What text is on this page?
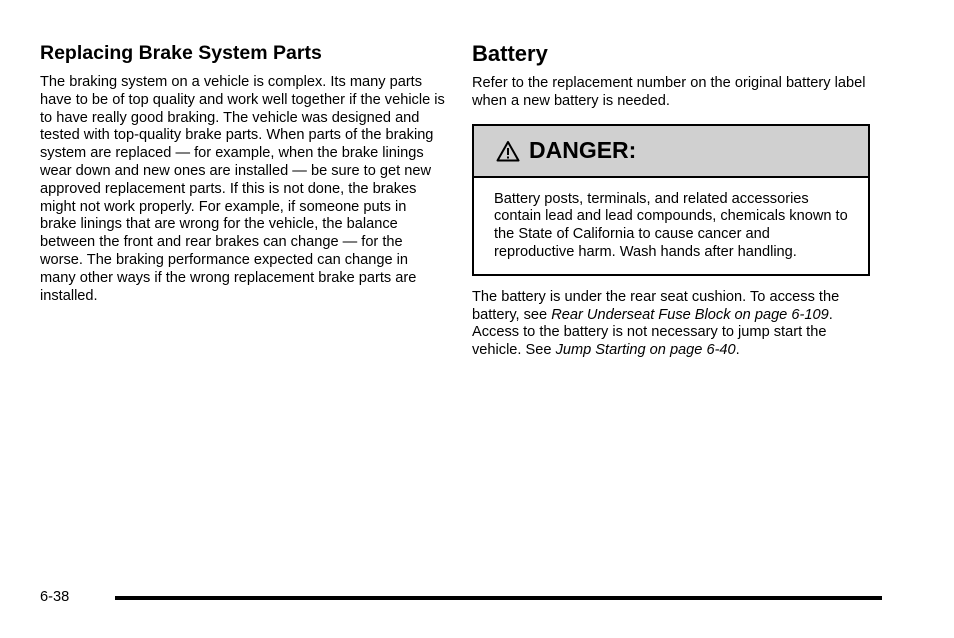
Replacing Brake System Parts

The braking system on a vehicle is complex. Its many parts have to be of top quality and work well together if the vehicle is to have really good braking. The vehicle was designed and tested with top-quality brake parts. When parts of the braking system are replaced — for example, when the brake linings wear down and new ones are installed — be sure to get new approved replacement parts. If this is not done, the brakes might not work properly. For example, if someone puts in brake linings that are wrong for the vehicle, the balance between the front and rear brakes can change — for the worse. The braking performance expected can change in many other ways if the wrong replacement brake parts are installed.

Battery

Refer to the replacement number on the original battery label when a new battery is needed.

DANGER:

Battery posts, terminals, and related accessories contain lead and lead compounds, chemicals known to the State of California to cause cancer and reproductive harm. Wash hands after handling.

The battery is under the rear seat cushion. To access the battery, see Rear Underseat Fuse Block on page 6-109. Access to the battery is not necessary to jump start the vehicle. See Jump Starting on page 6-40.

6-38
